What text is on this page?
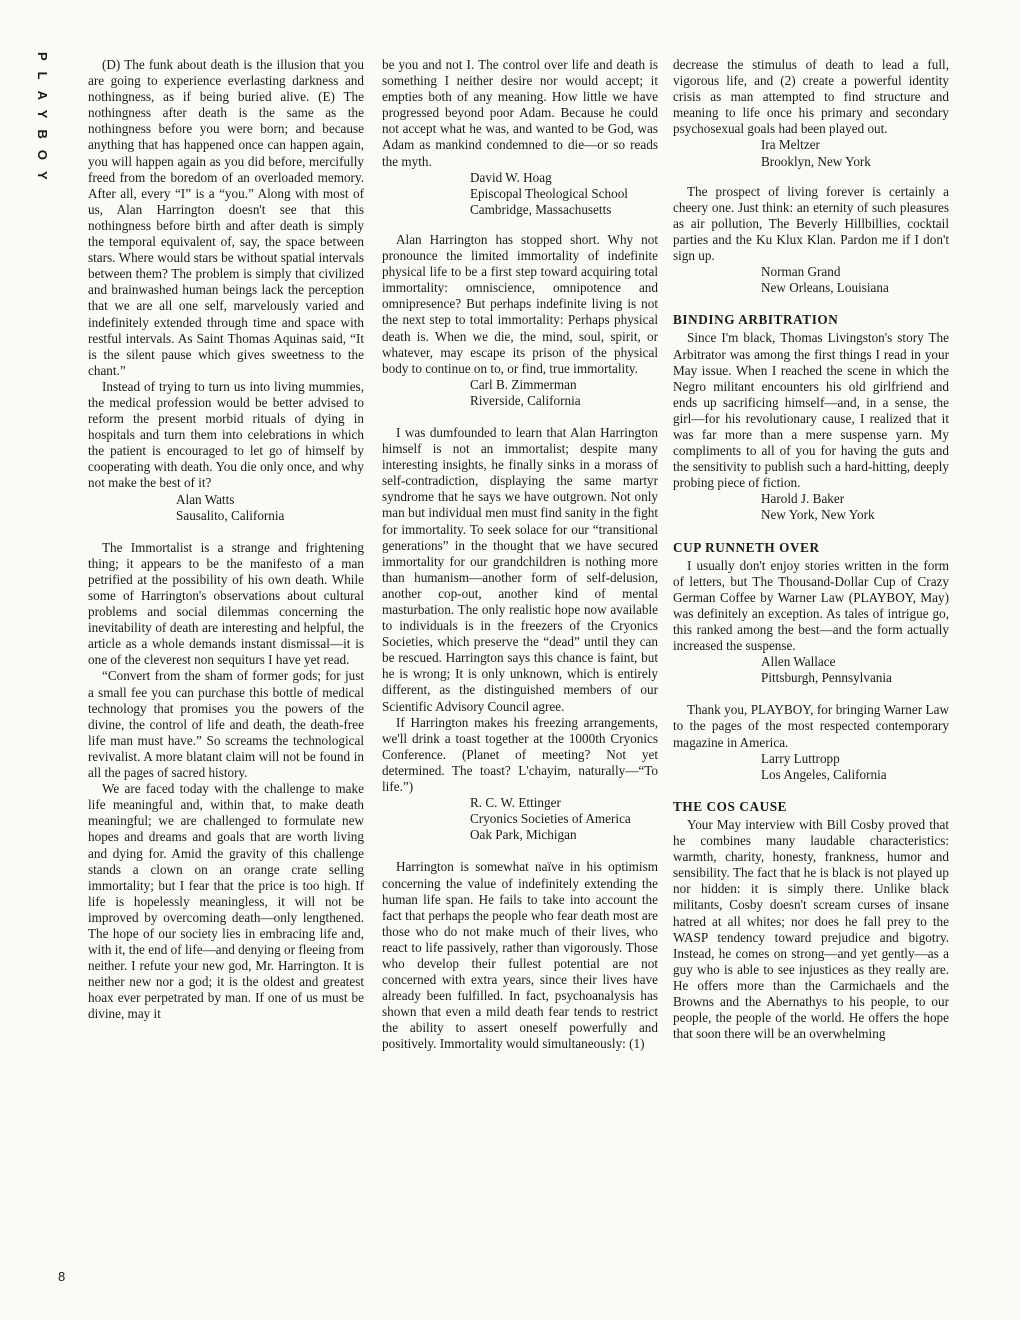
PLAYBOY	(D) The funk about death is the illusion that you are going to experience everlasting darkness and nothingness, as if being buried alive. (E) The nothingness after death is the same as the nothingness before you were born; and because anything that has happened once can happen again, you will happen again as you did before, mercifully freed from the boredom of an overloaded memory. After all, every “I” is a “you.” Along with most of us, Alan Harrington doesn't see that this nothingness before birth and after death is simply the temporal equivalent of, say, the space between stars. Where would stars be without spatial intervals between them? The problem is simply that civilized and brainwashed human beings lack the perception that we are all one self, marvelously varied and indefinitely extended through time and space with restful intervals. As Saint Thomas Aquinas said, “It is the silent pause which gives sweetness to the chant.”

Instead of trying to turn us into living mummies, the medical profession would be better advised to reform the present morbid rituals of dying in hospitals and turn them into celebrations in which the patient is encouraged to let go of himself by cooperating with death. You die only once, and why not make the best of it?

Alan Watts
Sausalito, California

The Immortalist is a strange and frightening thing; it appears to be the manifesto of a man petrified at the possibility of his own death. While some of Harrington's observations about cultural problems and social dilemmas concerning the inevitability of death are interesting and helpful, the article as a whole demands instant dismissal—it is one of the cleverest non sequiturs I have yet read.

“Convert from the sham of former gods; for just a small fee you can purchase this bottle of medical technology that promises you the powers of the divine, the control of life and death, the death-free life man must have.” So screams the technological revivalist. A more blatant claim will not be found in all the pages of sacred history.

We are faced today with the challenge to make life meaningful and, within that, to make death meaningful; we are challenged to formulate new hopes and dreams and goals that are worth living and dying for. Amid the gravity of this challenge stands a clown on an orange crate selling immortality; but I fear that the price is too high. If life is hopelessly meaningless, it will not be improved by overcoming death—only lengthened. The hope of our society lies in embracing life and, with it, the end of life—and denying or fleeing from neither. I refute your new god, Mr. Harrington. It is neither new nor a god; it is the oldest and greatest hoax ever perpetrated by man. If one of us must be divine, may it

be you and not I. The control over life and death is something I neither desire nor would accept; it empties both of any meaning. How little we have progressed beyond poor Adam. Because he could not accept what he was, and wanted to be God, was Adam as mankind condemned to die—or so reads the myth.

David W. Hoag
Episcopal Theological School
Cambridge, Massachusetts

Alan Harrington has stopped short. Why not pronounce the limited immortality of indefinite physical life to be a first step toward acquiring total immortality: omniscience, omnipotence and omnipresence? But perhaps indefinite living is not the next step to total immortality: Perhaps physical death is. When we die, the mind, soul, spirit, or whatever, may escape its prison of the physical body to continue on to, or find, true immortality.

Carl B. Zimmerman
Riverside, California

I was dumfounded to learn that Alan Harrington himself is not an immortalist; despite many interesting insights, he finally sinks in a morass of self-contradiction, displaying the same martyr syndrome that he says we have outgrown. Not only man but individual men must find sanity in the fight for immortality. To seek solace for our “transitional generations” in the thought that we have secured immortality for our grandchildren is nothing more than humanism—another form of self-delusion, another cop-out, another kind of mental masturbation. The only realistic hope now available to individuals is in the freezers of the Cryonics Societies, which preserve the “dead” until they can be rescued. Harrington says this chance is faint, but he is wrong; It is only unknown, which is entirely different, as the distinguished members of our Scientific Advisory Council agree.

If Harrington makes his freezing arrangements, we'll drink a toast together at the 1000th Cryonics Conference. (Planet of meeting? Not yet determined. The toast? L'chayim, naturally—“To life.”)

R. C. W. Ettinger
Cryonics Societies of America
Oak Park, Michigan

Harrington is somewhat naïve in his optimism concerning the value of indefinitely extending the human life span. He fails to take into account the fact that perhaps the people who fear death most are those who do not make much of their lives, who react to life passively, rather than vigorously. Those who develop their fullest potential are not concerned with extra years, since their lives have already been fulfilled. In fact, psychoanalysis has shown that even a mild death fear tends to restrict the ability to assert oneself powerfully and positively. Immortality would simultaneously: (1)

decrease the stimulus of death to lead a full, vigorous life, and (2) create a powerful identity crisis as man attempted to find structure and meaning to life once his primary and secondary psychosexual goals had been played out.

Ira Meltzer
Brooklyn, New York

The prospect of living forever is certainly a cheery one. Just think: an eternity of such pleasures as air pollution, The Beverly Hillbillies, cocktail parties and the Ku Klux Klan. Pardon me if I don't sign up.

Norman Grand
New Orleans, Louisiana
BINDING ARBITRATION

Since I'm black, Thomas Livingston's story The Arbitrator was among the first things I read in your May issue. When I reached the scene in which the Negro militant encounters his old girlfriend and ends up sacrificing himself—and, in a sense, the girl—for his revolutionary cause, I realized that it was far more than a mere suspense yarn. My compliments to all of you for having the guts and the sensitivity to publish such a hard-hitting, deeply probing piece of fiction.

Harold J. Baker
New York, New York
CUP RUNNETH OVER

I usually don't enjoy stories written in the form of letters, but The Thousand-Dollar Cup of Crazy German Coffee by Warner Law (PLAYBOY, May) was definitely an exception. As tales of intrigue go, this ranked among the best—and the form actually increased the suspense.

Allen Wallace
Pittsburgh, Pennsylvania

Thank you, PLAYBOY, for bringing Warner Law to the pages of the most respected contemporary magazine in America.

Larry Luttropp
Los Angeles, California
THE COS CAUSE

Your May interview with Bill Cosby proved that he combines many laudable characteristics: warmth, charity, honesty, frankness, humor and sensibility. The fact that he is black is not played up nor hidden: it is simply there. Unlike black militants, Cosby doesn't scream curses of insane hatred at all whites; nor does he fall prey to the WASP tendency toward prejudice and bigotry. Instead, he comes on strong—and yet gently—as a guy who is able to see injustices as they really are. He offers more than the Carmichaels and the Browns and the Abernathys to his people, to our people, the people of the world. He offers the hope that soon there will be an overwhelming

8
